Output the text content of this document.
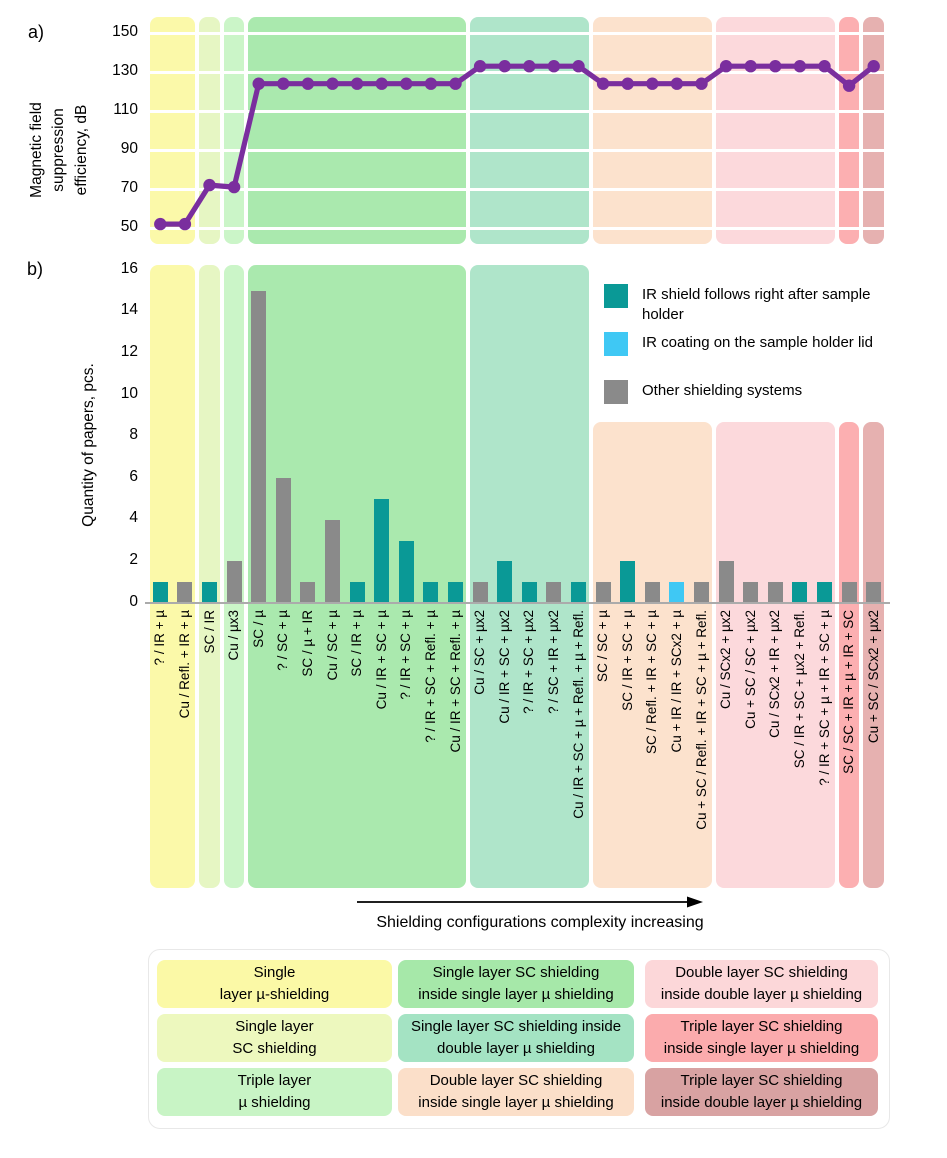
a)
b)
Magnetic field suppression efficiency, dB
Quantity of papers, pcs.
50
70
90
110
130
150
0
2
4
6
8
10
12
14
16
? / IR + µ Cu / Refl. + IR + µ SC / IR Cu / µx3 SC / µ ? / SC + µ SC / µ + IR Cu / SC + µ SC / IR + µ Cu / IR + SC + µ ? / IR + SC + µ ? / IR + SC + Refl. + µ Cu / IR + SC + Refl. + µ Cu / SC + µx2 Cu / IR + SC + µx2 ? / IR + SC + µx2 ? / SC + IR + µx2 Cu / IR + SC + µ + Refl. + µ + Refl. SC / SC + µ SC / IR + SC + µ SC / Refl. + IR + SC + µ Cu + IR / IR + SCx2 + µ Cu + SC / Refl. + IR + SC + µ + Refl. Cu / SCx2 + µx2 Cu + SC / SC + µx2 Cu / SCx2 + IR + µx2 SC / IR + SC + µx2 + Refl. ? / IR + SC + µ + IR + SC + µ SC / SC + IR + µ + IR + SC Cu + SC / SCx2 + µx2
IR shield follows right after sample holder
IR coating on the sample holder lid
Other shielding systems
Shielding configurations complexity increasing
Single
layer µ-shielding
Single layer SC shielding
inside single layer µ shielding
Double layer SC shielding
inside double layer µ shielding
Single layer
SC shielding
Single layer SC shielding inside
double layer µ shielding
Triple layer SC shielding
inside single layer µ shielding
Triple layer
µ shielding
Double layer SC shielding
inside single layer µ shielding
Triple layer SC shielding
inside double layer µ shielding
